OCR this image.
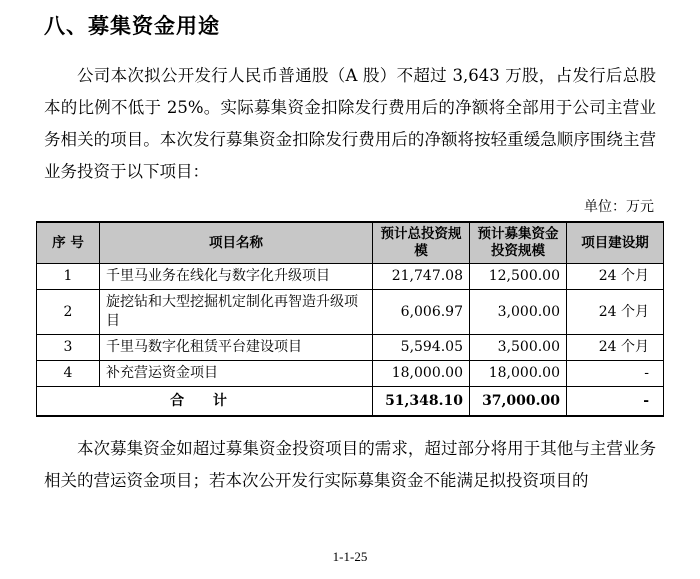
八、募集资金用途

公司本次拟公开发行人民币普通股（A 股）不超过 3,643 万股，占发行后总股本的比例不低于 25%。实际募集资金扣除发行费用后的净额将全部用于公司主营业务相关的项目。本次发行募集资金扣除发行费用后的净额将按轻重缓急顺序围绕主营业务投资于以下项目：

单位：万元
序 号	项目名称	预计总投资规模	预计募集资金投资规模	项目建设期
1	千里马业务在线化与数字化升级项目	21,747.08	12,500.00	24 个月
2	旋挖钻和大型挖掘机定制化再智造升级项目	6,006.97	3,000.00	24 个月
3	千里马数字化租赁平台建设项目	5,594.05	3,500.00	24 个月
4	补充营运资金项目	18,000.00	18,000.00	-
合 计		51,348.10	37,000.00	-

本次募集资金如超过募集资金投资项目的需求，超过部分将用于其他与主营业务相关的营运资金项目；若本次公开发行实际募集资金不能满足拟投资项目的

1-1-25
